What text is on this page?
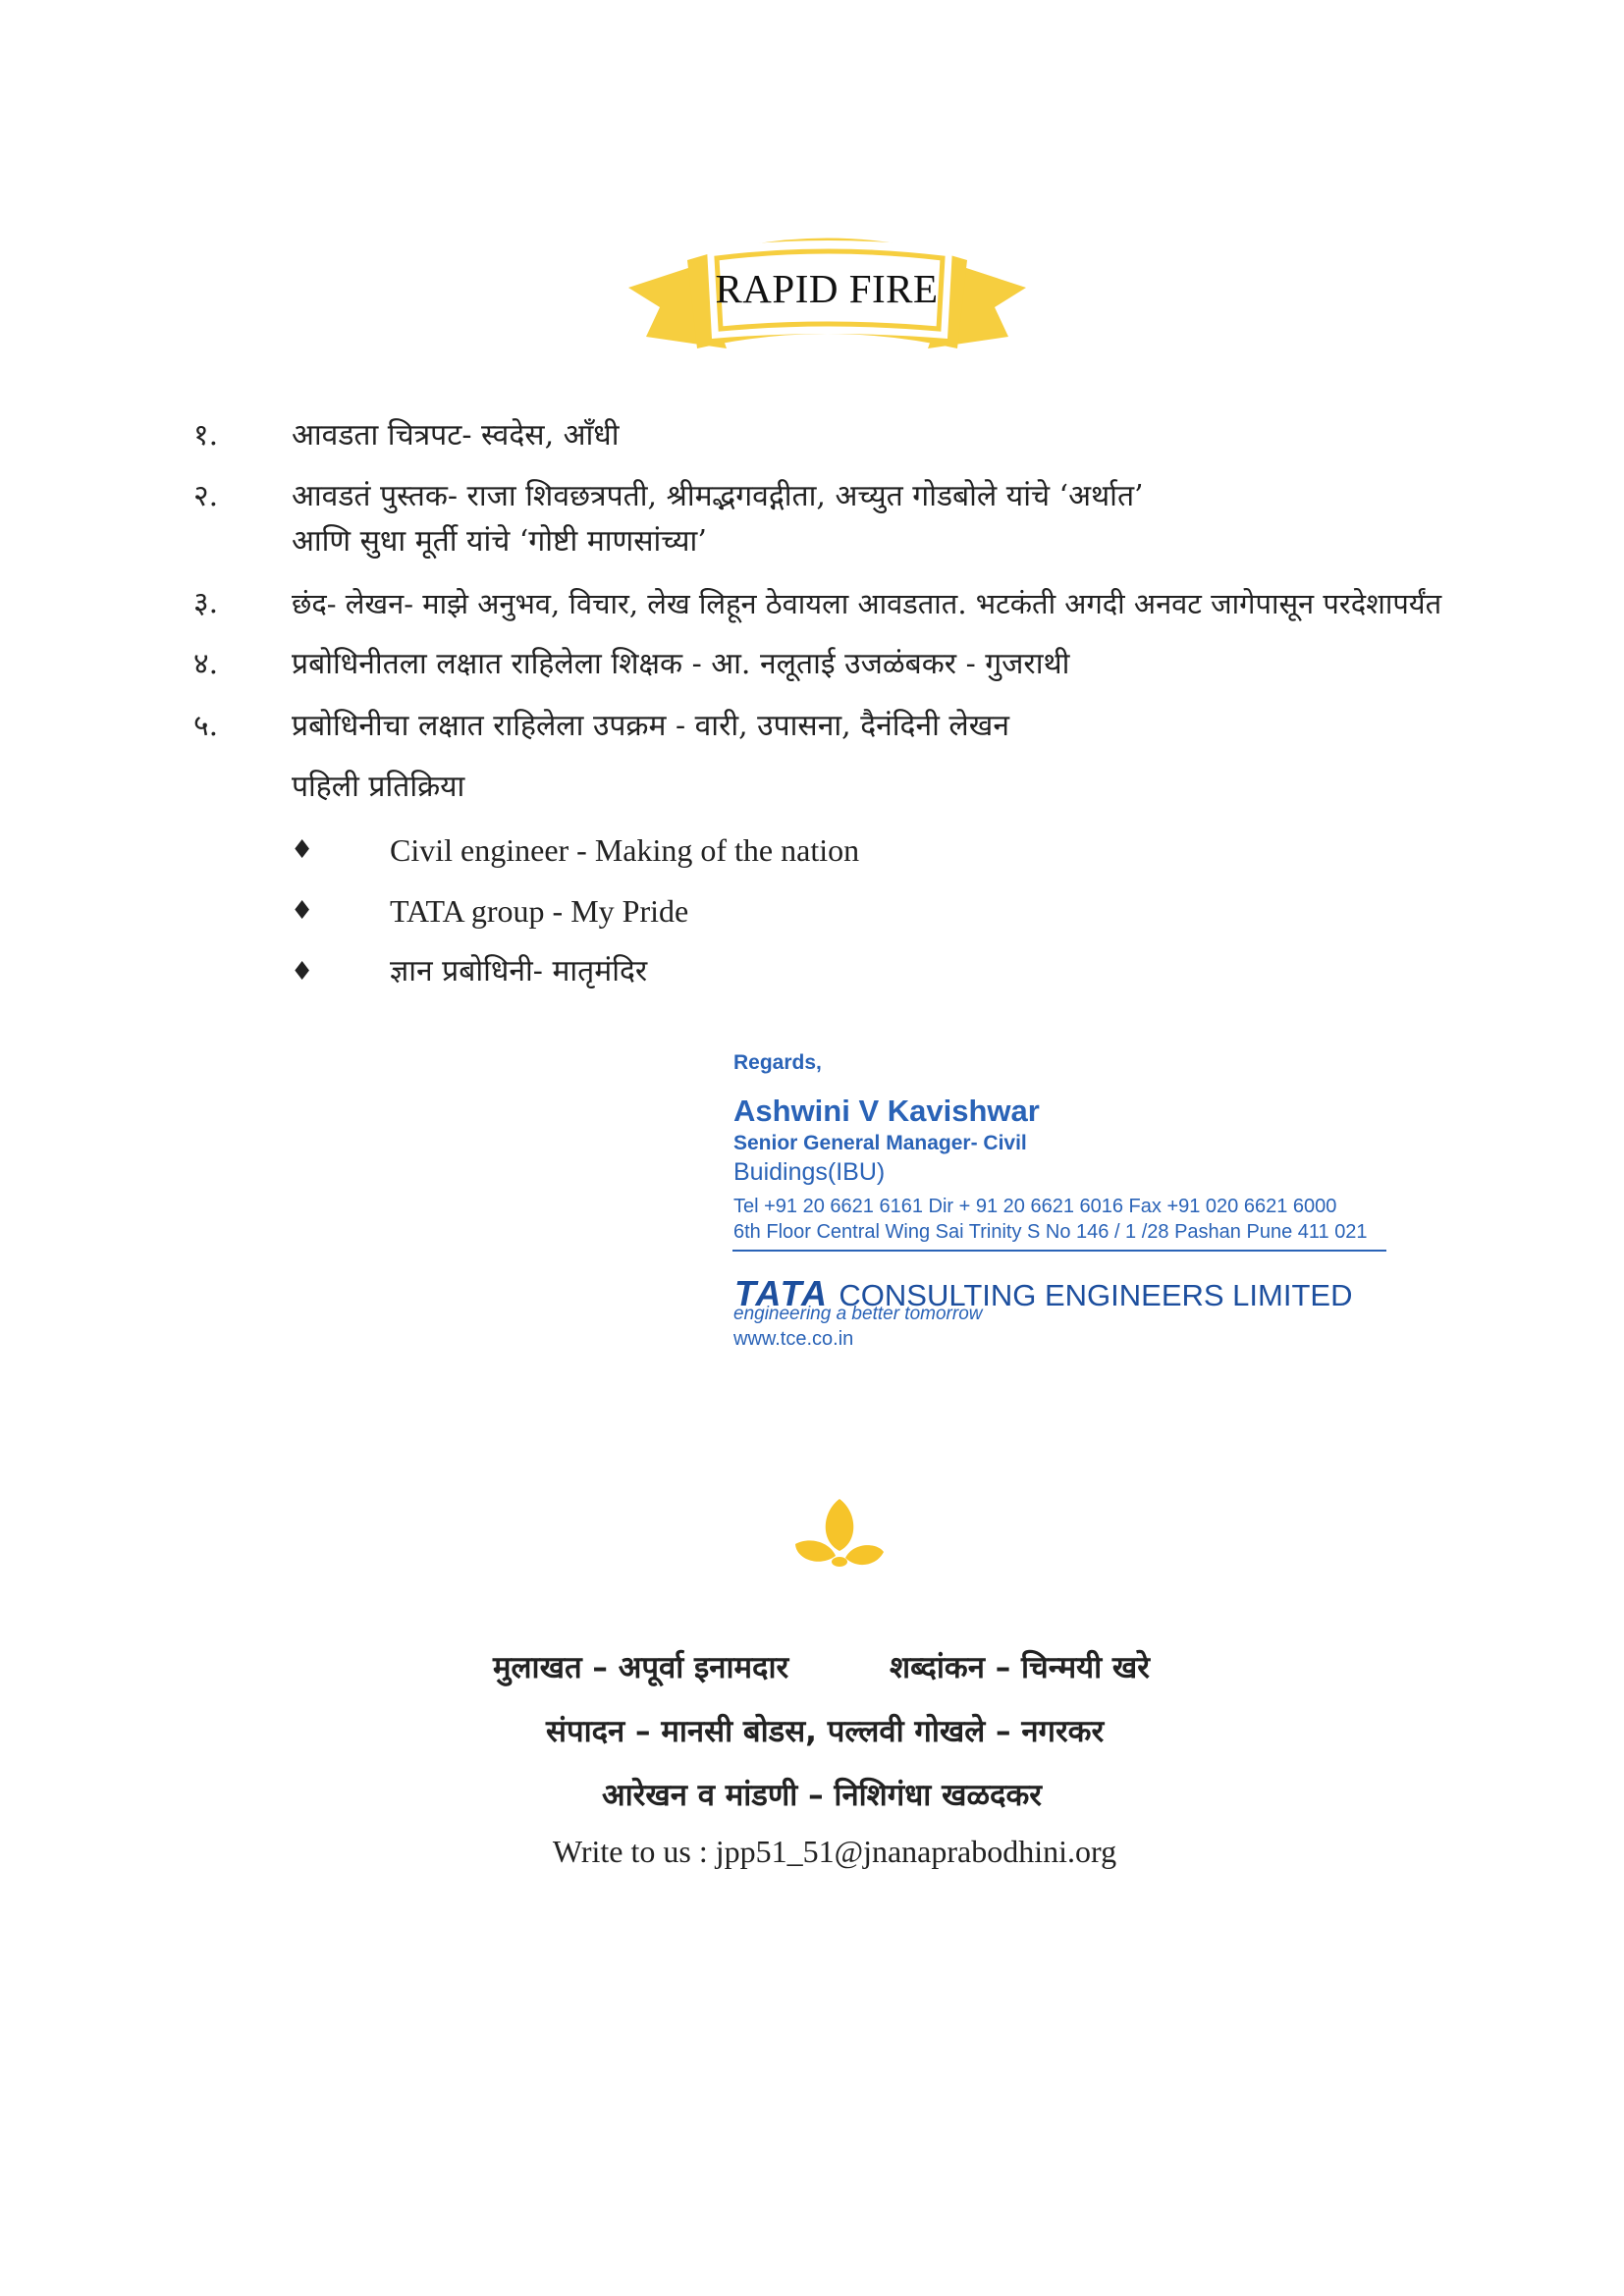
RAPID FIRE
१. आवडता चित्रपट- स्वदेस, आँधी
२. आवडतं पुस्तक- राजा शिवछत्रपती, श्रीमद्भगवद्गीता, अच्युत गोडबोले यांचे ‘अर्थात’
आणि सुधा मूर्ती यांचे ‘गोष्टी माणसांच्या’
३.	छंद- लेखन- माझे अनुभव, विचार, लेख लिहून ठेवायला आवडतात. भटकंती अगदी अनवट जागेपासून परदेशापर्यंत
४. प्रबोधिनीतला लक्षात राहिलेला शिक्षक - आ. नलूताई उजळंबकर - गुजराथी
५. प्रबोधिनीचा लक्षात राहिलेला उपक्रम - वारी, उपासना, दैनंदिनी लेखन
पहिली प्रतिक्रिया
♦ Civil engineer - Making of the nation
♦ TATA group - My Pride
♦	ज्ञान प्रबोधिनी- मातृमंदिर
Regards,
Ashwini V Kavishwar
Senior General Manager- Civil
Buidings(IBU)
Tel +91 20 6621 6161 Dir + 91 20 6621 6016 Fax +91 020 6621 6000
6th Floor Central Wing Sai Trinity S No 146 / 1 /28 Pashan Pune 411 021
TATA CONSULTING ENGINEERS LIMITED
engineering a better tomorrow
www.tce.co.in
मुलाखत – अपूर्वा इनामदार	शब्दांकन – चिन्मयी खरे
संपादन – मानसी बोडस, पल्लवी गोखले – नगरकर
आरेखन व मांडणी – निशिगंधा खळदकर
Write to us : jpp51_51@jnanaprabodhini.org
